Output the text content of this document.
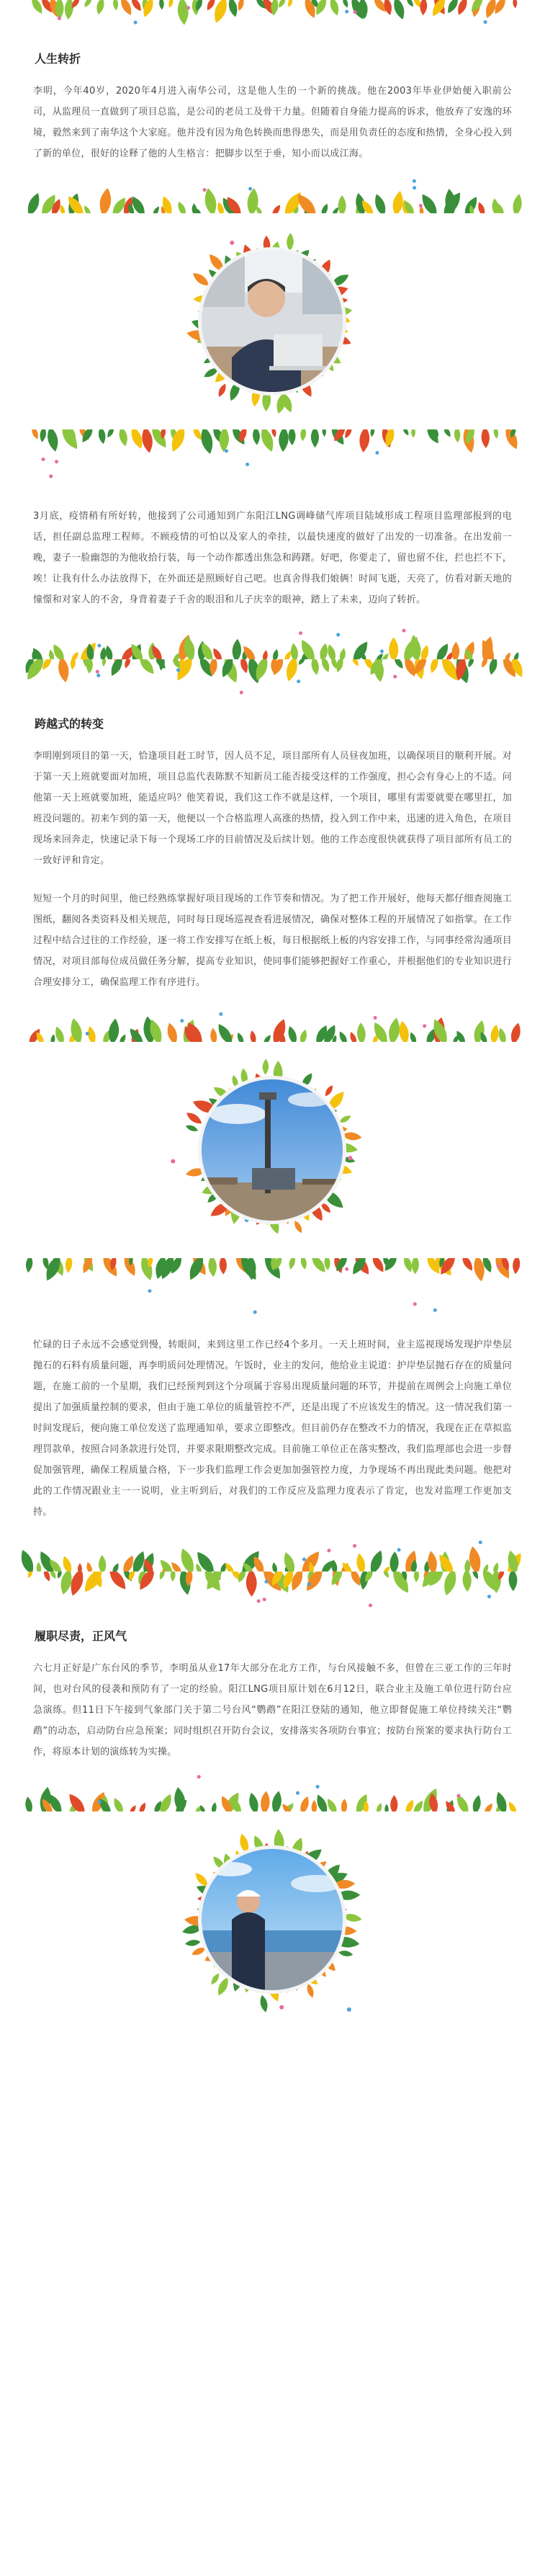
人生转折

李明，今年40岁，2020年4月进入南华公司，这是他人生的一个新的挑战。他在2003年毕业伊始便入职前公司，从监理员一直做到了项目总监，是公司的老员工及骨干力量。但随着自身能力提高的诉求，他放弃了安逸的环境，毅然来到了南华这个大家庭。他并没有因为角色转换而患得患失，而是用负责任的态度和热情，全身心投入到了新的单位，很好的诠释了他的人生格言：把脚步以至于垂，知小而以成江海。

3月底，疫情稍有所好转，他接到了公司通知到广东阳江LNG调峰储气库项目陆域形成工程项目监理部报到的电话，担任副总监理工程师。不顾疫情的可怕以及家人的牵挂，以最快速度的做好了出发的一切准备。在出发前一晚，妻子一脸幽怨的为他收拾行装，每一个动作都透出焦急和踌躇。好吧，你要走了，留也留不住，拦也拦不下，唉！让我有什么办法放得下，在外面还是照顾好自己吧。也真舍得我们娘俩！时间飞逝，天亮了，仿看对新天地的憧憬和对家人的不舍，身背着妻子千舍的眼泪和儿子庆幸的眼神，踏上了未来，迈向了转折。

跨越式的转变

李明刚到项目的第一天，恰逢项目赶工时节，因人员不足，项目部所有人员昼夜加班，以确保项目的顺利开展。对于第一天上班就要面对加班，项目总监代表陈默不知新员工能否接受这样的工作强度，担心会有身心上的不适。问他第一天上班就要加班，能适应吗？他笑着说，我们这工作不就是这样，一个项目，哪里有需要就要在哪里扛，加班没问题的。初来乍到的第一天，他便以一个合格监理人高涨的热情，投入到工作中来，迅速的进入角色，在项目现场来回奔走，快速记录下每一个现场工序的目前情况及后续计划。他的工作态度很快就获得了项目部所有员工的一致好评和肯定。

短短一个月的时间里，他已经熟练掌握好项目现场的工作节奏和情况。为了把工作开展好，他每天都仔细查阅施工图纸，翻阅各类资料及相关规范，同时每日现场巡视查看进展情况，确保对整体工程的开展情况了如指掌。在工作过程中结合过往的工作经验，逐一将工作安排写在纸上板，每日根据纸上板的内容安排工作，与同事经常沟通项目情况，对项目部每位成员做任务分解，提高专业知识，使同事们能够把握好工作重心，并根据他们的专业知识进行合理安排分工，确保监理工作有序进行。

忙碌的日子永远不会感觉到慢，转眼间，来到这里工作已经4个多月。一天上班时间，业主巡视现场发现护岸垫层抛石的石料有质量问题，再李明质问处理情况。午饭时，业主的发问，他给业主说道：护岸垫层抛石存在的质量问题，在施工前的一个星期，我们已经预判到这个分项属于容易出现质量问题的环节，并提前在周例会上向施工单位提出了加强质量控制的要求，但由于施工单位的质量管控不严，还是出现了不应该发生的情况。这一情况我们第一时间发现后，便向施工单位发送了监理通知单，要求立即整改。但目前仍存在整改不力的情况，我现在正在草拟监理罚款单，按照合同条款进行处罚，并要求限期整改完成。目前施工单位正在落实整改，我们监理部也会进一步督促加强管理，确保工程质量合格，下一步我们监理工作会更加加强管控力度，力争现场不再出现此类问题。他把对此的工作情况跟业主一一说明，业主听到后，对我们的工作反应及监理力度表示了肯定，也发对监理工作更加支持。

履职尽责，正风气

六七月正好是广东台风的季节，李明虽从业17年大部分在北方工作，与台风接触不多，但曾在三亚工作的三年时间，也对台风的侵袭和预防有了一定的经验。阳江LNG项目原计划在6月12日，联合业主及施工单位进行防台应急演练。但11日下午接到气象部门关于第二号台风“鹦鹉”在阳江登陆的通知，他立即督促施工单位持续关注“鹦鹉”的动态，启动防台应急预案；同时组织召开防台会议，安排落实各项防台事宜；按防台预案的要求执行防台工作，将原本计划的演练转为实操。
